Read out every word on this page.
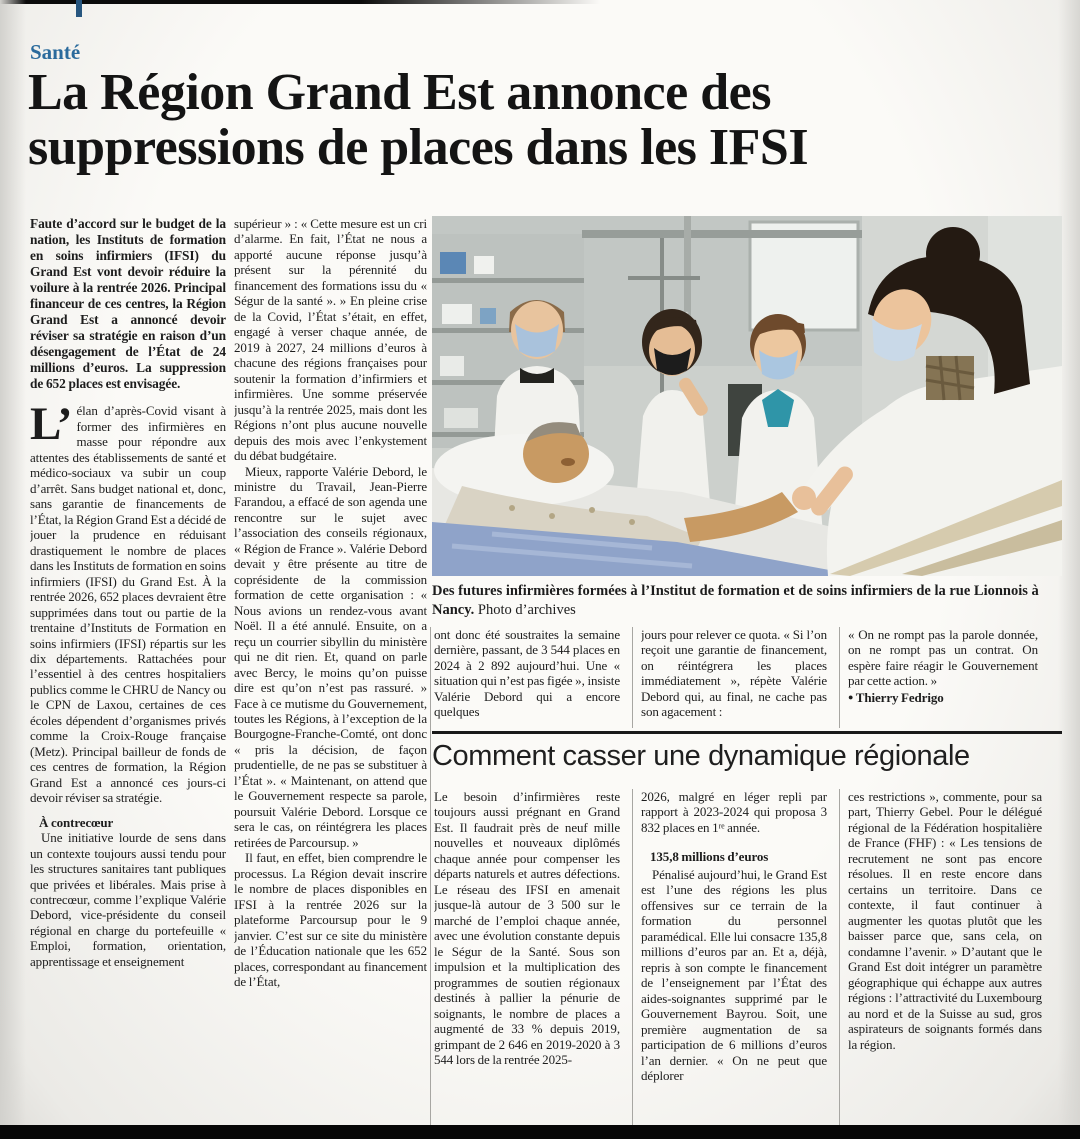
Santé
La Région Grand Est annonce des
suppressions de places dans les IFSI

Faute d’accord sur le budget de la nation, les Instituts de formation en soins infirmiers (IFSI) du Grand Est vont devoir réduire la voilure à la rentrée 2026. Principal financeur de ces centres, la Région Grand Est a annoncé devoir réviser sa stratégie en raison d’un désengagement de l’État de 24 millions d’euros. La suppression de 652 places est envisagée.

L’ élan d’après-Covid visant à former des infirmières en masse pour répondre aux attentes des établissements de santé et médico-sociaux va subir un coup d’arrêt. Sans budget national et, donc, sans garantie de financements de l’État, la Région Grand Est a décidé de jouer la prudence en réduisant drastiquement le nombre de places dans les Instituts de formation en soins infirmiers (IFSI) du Grand Est. À la rentrée 2026, 652 places devraient être supprimées dans tout ou partie de la trentaine d’Instituts de Formation en soins infirmiers (IFSI) répartis sur les dix départements. Rattachées pour l’essentiel à des centres hospitaliers publics comme le CHRU de Nancy ou le CPN de Laxou, certaines de ces écoles dépendent d’organismes privés comme la Croix-Rouge française (Metz). Principal bailleur de fonds de ces centres de formation, la Région Grand Est a annoncé ces jours-ci devoir réviser sa stratégie.

À contrecœur

Une initiative lourde de sens dans un contexte toujours aussi tendu pour les structures sanitaires tant publiques que privées et libérales. Mais prise à contrecœur, comme l’explique Valérie Debord, vice-présidente du conseil régional en charge du portefeuille « Emploi, formation, orientation, apprentissage et enseignement

supérieur » : « Cette mesure est un cri d’alarme. En fait, l’État ne nous a apporté aucune réponse jusqu’à présent sur la pérennité du financement des formations issu du « Ségur de la santé ». » En pleine crise de la Covid, l’État s’était, en effet, engagé à verser chaque année, de 2019 à 2027, 24 millions d’euros à chacune des régions françaises pour soutenir la formation d’infirmiers et infirmières. Une somme préservée jusqu’à la rentrée 2025, mais dont les Régions n’ont plus aucune nouvelle depuis des mois avec l’enkystement du débat budgétaire.

Mieux, rapporte Valérie Debord, le ministre du Travail, Jean-Pierre Farandou, a effacé de son agenda une rencontre sur le sujet avec l’association des conseils régionaux, « Région de France ». Valérie Debord devait y être présente au titre de coprésidente de la commission formation de cette organisation : « Nous avions un rendez-vous avant Noël. Il a été annulé. Ensuite, on a reçu un courrier sibyllin du ministère qui ne dit rien. Et, quand on parle avec Bercy, le moins qu’on puisse dire est qu’on n’est pas rassuré. » Face à ce mutisme du Gouvernement, toutes les Régions, à l’exception de la Bourgogne-Franche-Comté, ont donc « pris la décision, de façon prudentielle, de ne pas se substituer à l’État ». « Maintenant, on attend que le Gouvernement respecte sa parole, poursuit Valérie Debord. Lorsque ce sera le cas, on réintégrera les places retirées de Parcoursup. »

Il faut, en effet, bien comprendre le processus. La Région devait inscrire le nombre de places disponibles en IFSI à la rentrée 2026 sur la plateforme Parcoursup pour le 9 janvier. C’est sur ce site du ministère de l’Éducation nationale que les 652 places, correspondant au financement de l’État,

Des futures infirmières formées à l’Institut de formation et de soins infirmiers de la rue Lionnois à Nancy. Photo d’archives

ont donc été soustraites la semaine dernière, passant, de 3 544 places en 2024 à 2 892 aujourd’hui. Une « situation qui n’est pas figée », insiste Valérie Debord qui a encore quelques

jours pour relever ce quota. « Si l’on reçoit une garantie de financement, on réintégrera les places immédiatement », répète Valérie Debord qui, au final, ne cache pas son agacement :

« On ne rompt pas la parole donnée, on ne rompt pas un contrat. On espère faire réagir le Gouvernement par cette action. »

● Thierry Fedrigo

Comment casser une dynamique régionale

Le besoin d’infirmières reste toujours aussi prégnant en Grand Est. Il faudrait près de neuf mille nouvelles et nouveaux diplômés chaque année pour compenser les départs naturels et autres défections. Le réseau des IFSI en amenait jusque-là autour de 3 500 sur le marché de l’emploi chaque année, avec une évolution constante depuis le Ségur de la Santé. Sous son impulsion et la multiplication des programmes de soutien régionaux destinés à pallier la pénurie de soignants, le nombre de places a augmenté de 33 % depuis 2019, grimpant de 2 646 en 2019-2020 à 3 544 lors de la rentrée 2025-

2026, malgré en léger repli par rapport à 2023-2024 qui proposa 3 832 places en 1ʳᵉ année.

135,8 millions d’euros

Pénalisé aujourd’hui, le Grand Est est l’une des régions les plus offensives sur ce terrain de la formation du personnel paramédical. Elle lui consacre 135,8 millions d’euros par an. Et a, déjà, repris à son compte le financement de l’enseignement par l’État des aides-soignantes supprimé par le Gouvernement Bayrou. Soit, une première augmentation de sa participation de 6 millions d’euros l’an dernier. « On ne peut que déplorer

ces restrictions », commente, pour sa part, Thierry Gebel. Pour le délégué régional de la Fédération hospitalière de France (FHF) : « Les tensions de recrutement ne sont pas encore résolues. Il en reste encore dans certains un territoire. Dans ce contexte, il faut continuer à augmenter les quotas plutôt que les baisser parce que, sans cela, on condamne l’avenir. » D’autant que le Grand Est doit intégrer un paramètre géographique qui échappe aux autres régions : l’attractivité du Luxembourg au nord et de la Suisse au sud, gros aspirateurs de soignants formés dans la région.
